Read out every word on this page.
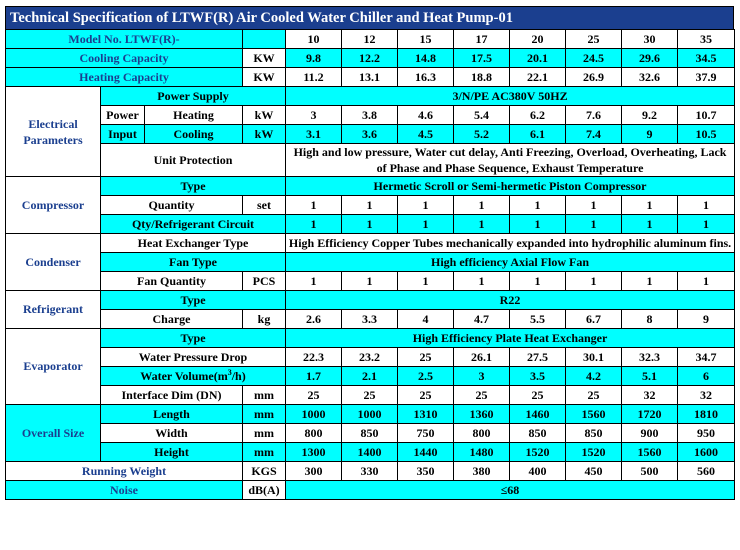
Technical Specification of LTWF(R) Air Cooled Water Chiller and Heat Pump-01
Model No. LTWF(R)-				10	12	15	17	20	25	30	35
Cooling Capacity			KW	9.8	12.2	14.8	17.5	20.1	24.5	29.6	34.5
Heating Capacity			KW	11.2	13.1	16.3	18.8	22.1	26.9	32.6	37.9
Electrical Parameters	Power Supply			3/N/PE AC380V 50HZ							
	Power	Heating	kW	3	3.8	4.6	5.4	6.2	7.6	9.2	10.7
	Input	Cooling	kW	3.1	3.6	4.5	5.2	6.1	7.4	9	10.5
	Unit Protection			High and low pressure, Water cut delay, Anti Freezing, Overload, Overheating, Lack of Phase and Phase Sequence, Exhaust Temperature							

Compressor	Type			Hermetic Scroll or Semi-hermetic Piston Compressor							
	Quantity		set	1	1	1	1	1	1	1	1
	Qty/Refrigerant Circuit			1	1	1	1	1	1	1	1
Condenser	Heat Exchanger Type			High Efficiency Copper Tubes mechanically expanded into hydrophilic aluminum fins.							

	Fan Type			High efficiency Axial Flow Fan							
	Fan Quantity		PCS	1	1	1	1	1	1	1	1
Refrigerant	Type			R22							
	Charge		kg	2.6	3.3	4	4.7	5.5	6.7	8	9
Evaporator	Type			High Efficiency Plate Heat Exchanger							
	Water Pressure Drop			22.3	23.2	25	26.1	27.5	30.1	32.3	34.7
	Water $Volume(m^3/h)$			1.7	2.1	2.5	3	3.5	4.2	5.1	6
	Interface Dim (DN)		mm	25	25	25	25	25	25	32	32
Overall Size	Length		mm	1000	1000	1310	1360	1460	1560	1720	1810
	Width		mm	800	850	750	800	850	850	900	950
	Height		mm	1300	1400	1440	1480	1520	1520	1560	1600
Running Weight			KGS	300	330	350	380	400	450	500	560
Noise			dB(A)	≤68							
